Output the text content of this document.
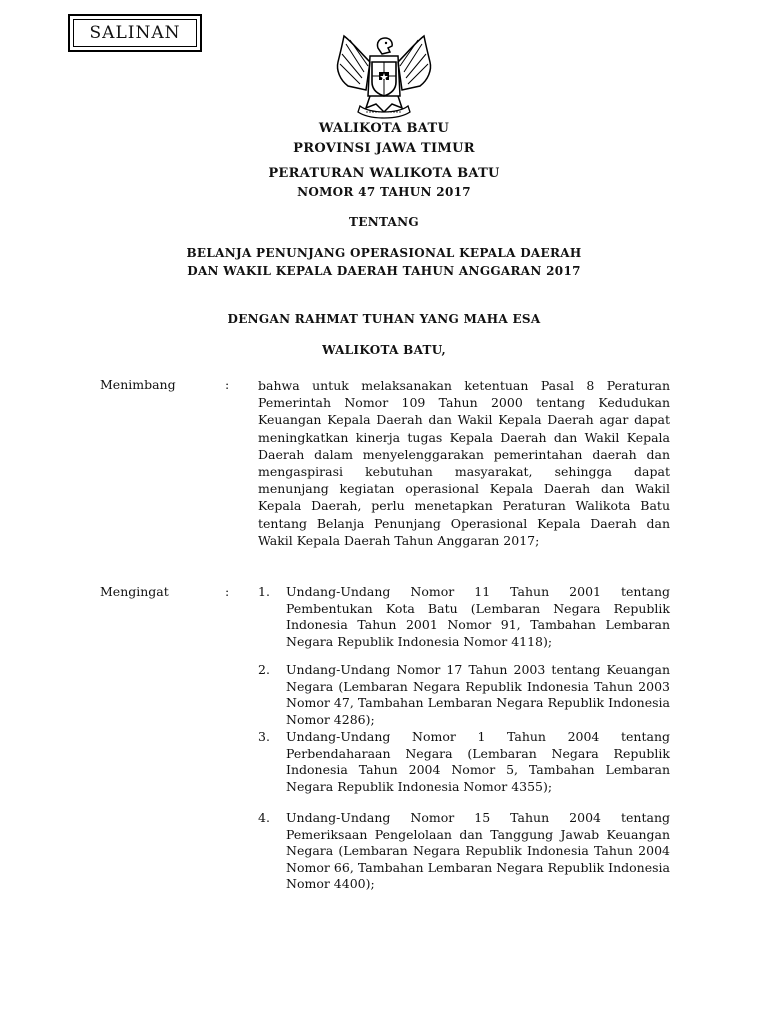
SALINAN
WALIKOTA BATU
PROVINSI JAWA TIMUR
PERATURAN WALIKOTA BATU
NOMOR 47 TAHUN 2017
TENTANG
BELANJA PENUNJANG OPERASIONAL KEPALA DAERAH
DAN WAKIL KEPALA DAERAH TAHUN ANGGARAN 2017
DENGAN RAHMAT TUHAN YANG MAHA ESA
WALIKOTA BATU,
Menimbang	: bahwa untuk melaksanakan ketentuan Pasal 8 Peraturan Pemerintah Nomor 109 Tahun 2000 tentang Kedudukan Keuangan Kepala Daerah dan Wakil Kepala Daerah agar dapat meningkatkan kinerja tugas Kepala Daerah dan Wakil Kepala Daerah dalam menyelenggarakan pemerintahan daerah dan mengaspirasi kebutuhan masyarakat, sehingga dapat menunjang kegiatan operasional Kepala Daerah dan Wakil Kepala Daerah, perlu menetapkan Peraturan Walikota Batu tentang Belanja Penunjang Operasional Kepala Daerah dan Wakil Kepala Daerah Tahun Anggaran 2017;
Mengingat	: 1. Undang-Undang Nomor 11 Tahun 2001 tentang Pembentukan Kota Batu (Lembaran Negara Republik Indonesia Tahun 2001 Nomor 91, Tambahan Lembaran Negara Republik Indonesia Nomor 4118);
2. Undang-Undang Nomor 17 Tahun 2003 tentang Keuangan Negara (Lembaran Negara Republik Indonesia Tahun 2003 Nomor 47, Tambahan Lembaran Negara Republik Indonesia Nomor 4286);
3. Undang-Undang Nomor 1 Tahun 2004 tentang Perbendaharaan Negara (Lembaran Negara Republik Indonesia Tahun 2004 Nomor 5, Tambahan Lembaran Negara Republik Indonesia Nomor 4355);
4. Undang-Undang Nomor 15 Tahun 2004 tentang Pemeriksaan Pengelolaan dan Tanggung Jawab Keuangan Negara (Lembaran Negara Republik Indonesia Tahun 2004 Nomor 66, Tambahan Lembaran Negara Republik Indonesia Nomor 4400);
